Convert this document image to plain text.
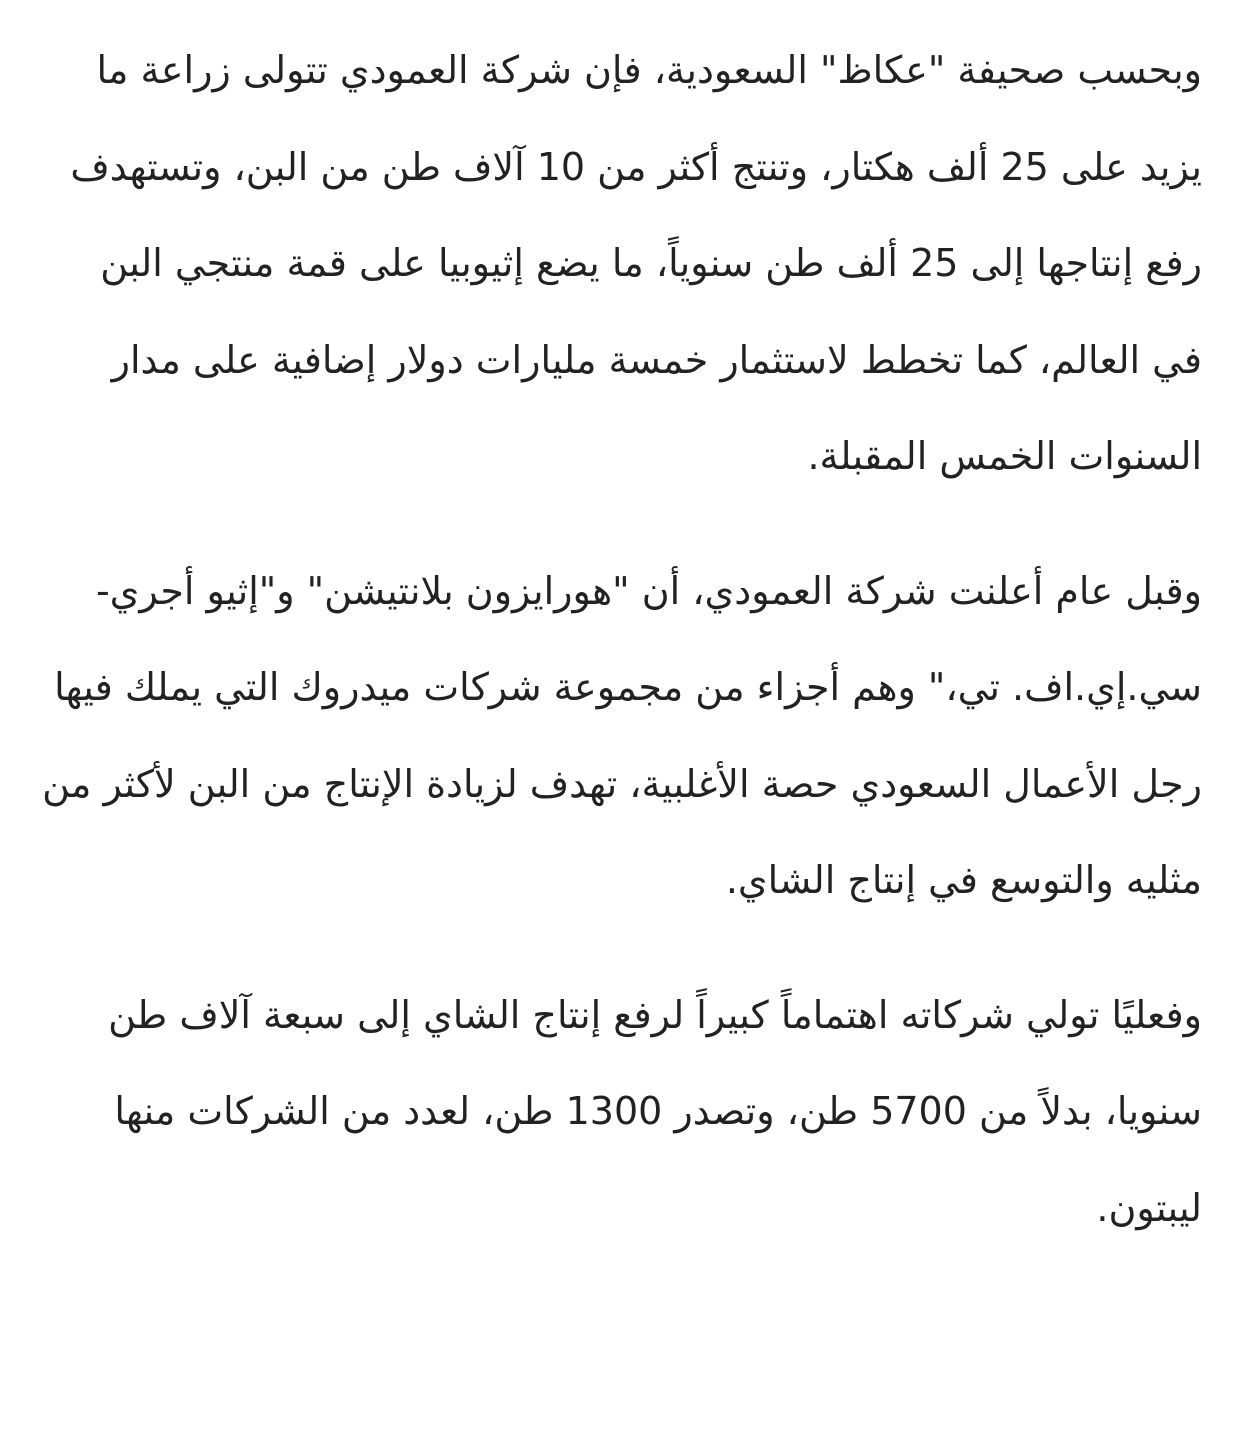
وبحسب صحيفة "عكاظ" السعودية، فإن شركة العمودي تتولى زراعة ما يزيد على 25 ألف هكتار، وتنتج أكثر من 10 آلاف طن من البن، وتستهدف رفع إنتاجها إلى 25 ألف طن سنوياً، ما يضع إثيوبيا على قمة منتجي البن في العالم، كما تخطط لاستثمار خمسة مليارات دولار إضافية على مدار السنوات الخمس المقبلة.

وقبل عام أعلنت شركة العمودي، أن "هورايزون بلانتيشن" و"إثيو أجري-سي.إي.اف. تي،" وهم أجزاء من مجموعة شركات ميدروك التي يملك فيها رجل الأعمال السعودي حصة الأغلبية، تهدف لزيادة الإنتاج من البن لأكثر من مثليه والتوسع في إنتاج الشاي.

وفعليًا تولي شركاته اهتماماً كبيراً لرفع إنتاج الشاي إلى سبعة آلاف طن سنويا، بدلاً من 5700 طن، وتصدر 1300 طن، لعدد من الشركات منها ليبتون.
